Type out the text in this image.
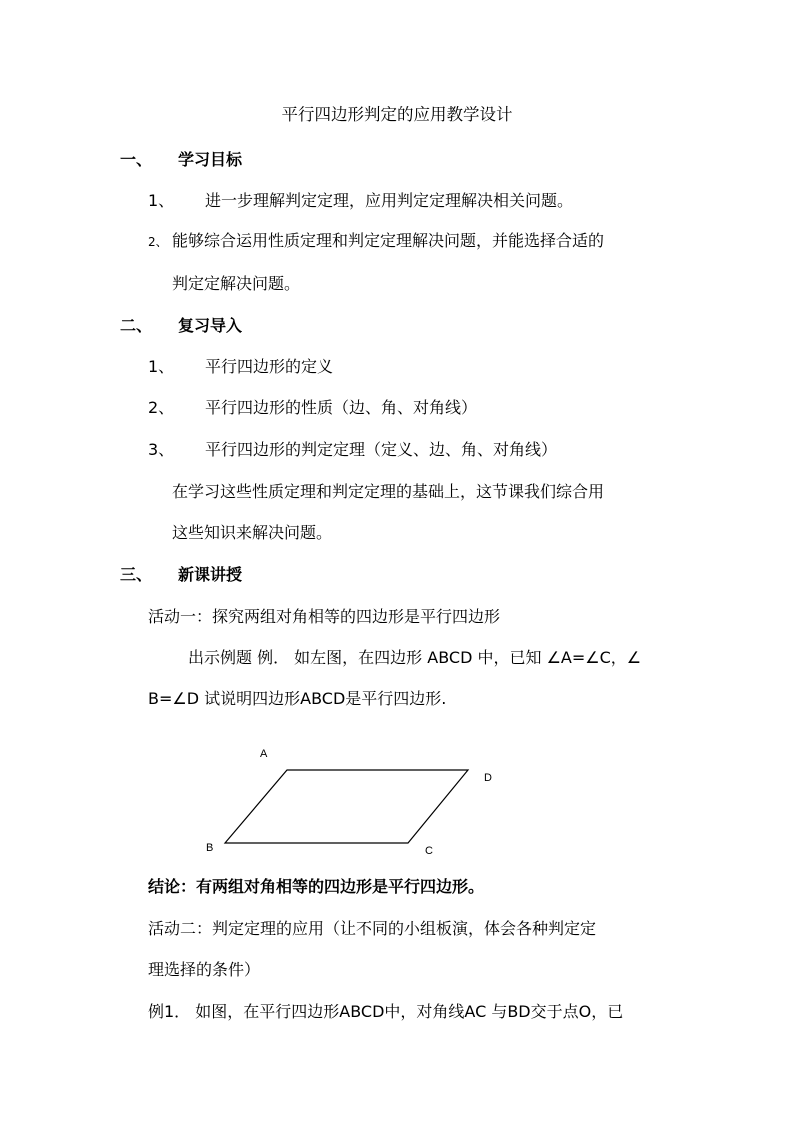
平行四边形判定的应用教学设计
一、 学习目标
1、 进一步理解判定定理，应用判定定理解决相关问题。
2、 能够综合运用性质定理和判定定理解决问题，并能选择合适的
判定定解决问题。
二、 复习导入
1、 平行四边形的定义
2、 平行四边形的性质（边、角、对角线）
3、 平行四边形的判定定理（定义、边、角、对角线）
在学习这些性质定理和判定定理的基础上，这节课我们综合用
这些知识来解决问题。
三、 新课讲授
活动一：探究两组对角相等的四边形是平行四边形
出示例题 例． 如左图，在四边形 ABCD 中，已知 ∠A=∠C，∠
B=∠D 试说明四边形ABCD是平行四边形.
A
D
B	C
结论：有两组对角相等的四边形是平行四边形。
活动二：判定定理的应用（让不同的小组板演，体会各种判定定
理选择的条件）
例1． 如图，在平行四边形ABCD中，对角线AC 与BD交于点O，已
